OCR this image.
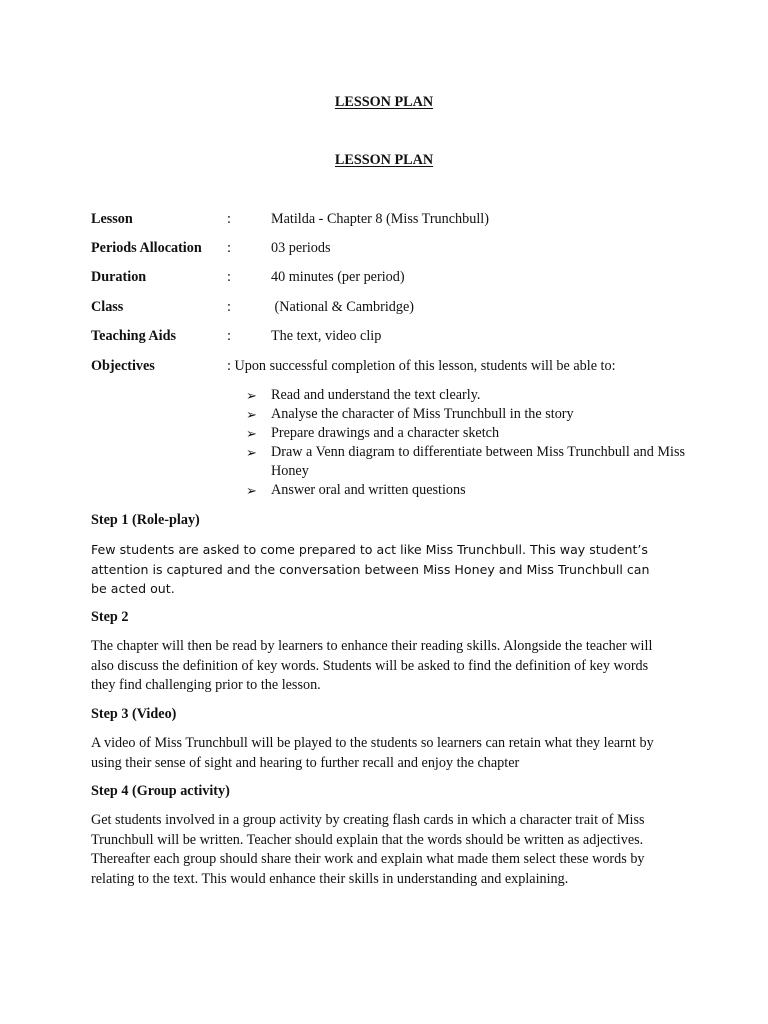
LESSON PLAN
LESSON PLAN
Lesson	:	Matilda - Chapter 8 (Miss Trunchbull)
Periods Allocation :	03 periods
Duration	:	40 minutes (per period)
Class	:	(National & Cambridge)
Teaching Aids	:	The text, video clip
Objectives	: Upon successful completion of this lesson, students will be able to:
➢ Read and understand the text clearly.
➢ Analyse the character of Miss Trunchbull in the story
➢ Prepare drawings and a character sketch
➢ Draw a Venn diagram to differentiate between Miss Trunchbull and Miss Honey
➢ Answer oral and written questions
Step 1 (Role-play)

Few students are asked to come prepared to act like Miss Trunchbull. This way student’s attention is captured and the conversation between Miss Honey and Miss Trunchbull can be acted out.

Step 2

The chapter will then be read by learners to enhance their reading skills. Alongside the teacher will also discuss the definition of key words. Students will be asked to find the definition of key words they find challenging prior to the lesson.

Step 3 (Video)

A video of Miss Trunchbull will be played to the students so learners can retain what they learnt by using their sense of sight and hearing to further recall and enjoy the chapter

Step 4 (Group activity)

Get students involved in a group activity by creating flash cards in which a character trait of Miss Trunchbull will be written. Teacher should explain that the words should be written as adjectives. Thereafter each group should share their work and explain what made them select these words by relating to the text. This would enhance their skills in understanding and explaining.
